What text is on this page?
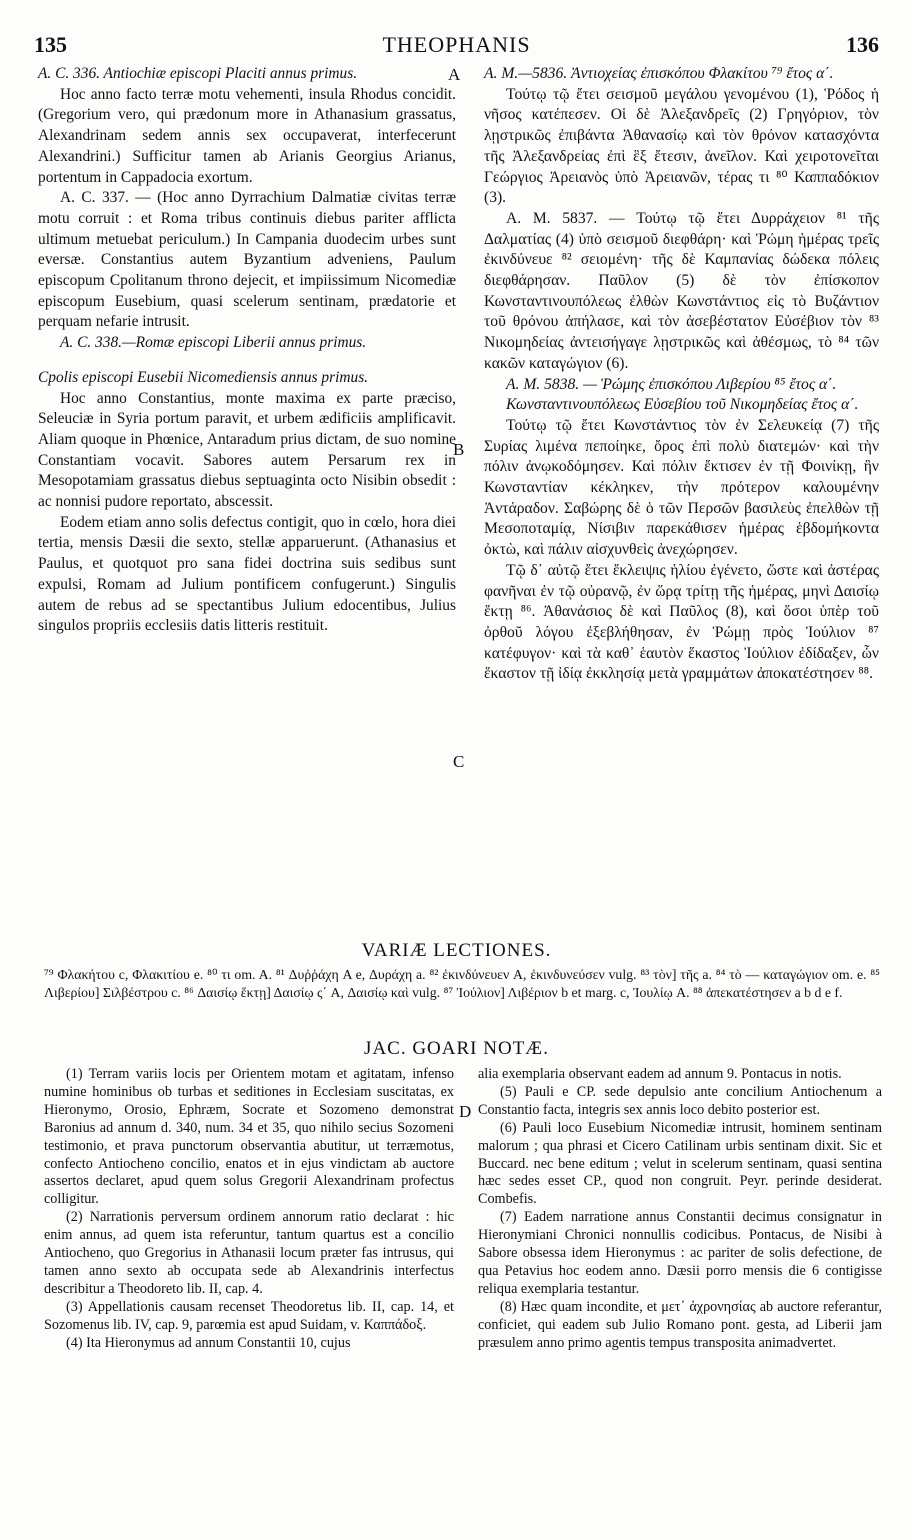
135	THEOPHANIS	136

A. C. 336. Antiochiæ episcopi Placiti annus primus.

Hoc anno facto terræ motu vehementi, insula Rhodus concidit. (Gregorium vero, qui prædonum more in Athanasium grassatus, Alexandrinam sedem annis sex occupaverat, interfecerunt Alexandrini.) Sufficitur tamen ab Arianis Georgius Arianus, portentum in Cappadocia exortum.

A. C. 337. — (Hoc anno Dyrrachium Dalmatiæ civitas terræ motu corruit : et Roma tribus continuis diebus pariter afflicta ultimum metuebat periculum.) In Campania duodecim urbes sunt eversæ. Constantius autem Byzantium adveniens, Paulum episcopum Cpolitanum throno dejecit, et impiissimum Nicomediæ episcopum Eusebium, quasi scelerum sentinam, prædatorie et perquam nefarie intrusit.

A. C. 338.—Romæ episcopi Liberii annus primus.

Cpolis episcopi Eusebii Nicomediensis annus primus.

Hoc anno Constantius, monte maxima ex parte præciso, Seleuciæ in Syria portum paravit, et urbem ædificiis amplificavit. Aliam quoque in Phœnice, Antaradum prius dictam, de suo nomine Constantiam vocavit. Sabores autem Persarum rex in Mesopotamiam grassatus diebus septuaginta octo Nisibin obsedit : ac nonnisi pudore reportato, abscessit.

Eodem etiam anno solis defectus contigit, quo in cœlo, hora diei tertia, mensis Dæsii die sexto, stellæ apparuerunt. (Athanasius et Paulus, et quotquot pro sana fidei doctrina suis sedibus sunt expulsi, Romam ad Julium pontificem confugerunt.) Singulis autem de rebus ad se spectantibus Julium edocentibus, Julius singulos propriis ecclesiis datis litteris restituit.

A
B
C
D

A. M.—5836. Ἀντιοχείας ἐπισκόπου Φλακίτου ⁷⁹ ἔτος α΄.

Τούτῳ τῷ ἔτει σεισμοῦ μεγάλου γενομένου (1), Ῥόδος ἡ νῆσος κατέπεσεν. Οἱ δὲ Ἀλεξανδρεῖς (2) Γρηγόριον, τὸν λῃστρικῶς ἐπιβάντα Ἀθανασίῳ καὶ τὸν θρόνον κατασχόντα τῆς Ἀλεξανδρείας ἐπὶ ἓξ ἔτεσιν, ἀνεῖλον. Καὶ χειροτονεῖται Γεώργιος Ἀρειανὸς ὑπὸ Ἀρειανῶν, τέρας τι ⁸⁰ Καππαδόκιον (3).

A. M. 5837. — Τούτῳ τῷ ἔτει Δυρράχειον ⁸¹ τῆς Δαλματίας (4) ὑπὸ σεισμοῦ διεφθάρη· καὶ Ῥώμη ἡμέρας τρεῖς ἐκινδύνευε ⁸² σειομένη· τῆς δὲ Καμπανίας δώδεκα πόλεις διεφθάρησαν. Παῦλον (5) δὲ τὸν ἐπίσκοπον Κωνσταντινουπόλεως ἐλθὼν Κωνστάντιος εἰς τὸ Βυζάντιον τοῦ θρόνου ἀπήλασε, καὶ τὸν ἀσεβέστατον Εὐσέβιον τὸν ⁸³ Νικομηδείας ἀντεισήγαγε λῃστρικῶς καὶ ἀθέσμως, τὸ ⁸⁴ τῶν κακῶν καταγώγιον (6).

A. M. 5838. — Ῥώμης ἐπισκόπου Λιβερίου ⁸⁵ ἔτος α΄.

Κωνσταντινουπόλεως Εὐσεβίου τοῦ Νικομηδείας ἔτος α΄.

Τούτῳ τῷ ἔτει Κωνστάντιος τὸν ἐν Σελευκείᾳ (7) τῆς Συρίας λιμένα πεποίηκε, ὄρος ἐπὶ πολὺ διατεμών· καὶ τὴν πόλιν ἀνῳκοδόμησεν. Καὶ πόλιν ἔκτισεν ἐν τῇ Φοινίκῃ, ἣν Κωνσταντίαν κέκληκεν, τὴν πρότερον καλουμένην Ἀντάραδον. Σαβώρης δὲ ὁ τῶν Περσῶν βασιλεὺς ἐπελθὼν τῇ Μεσοποταμίᾳ, Νίσιβιν παρεκάθισεν ἡμέρας ἑβδομήκοντα ὀκτὼ, καὶ πάλιν αἰσχυνθεὶς ἀνεχώρησεν.

Τῷ δ᾽ αὐτῷ ἔτει ἔκλειψις ἡλίου ἐγένετο, ὥστε καὶ ἀστέρας φανῆναι ἐν τῷ οὐρανῷ, ἐν ὥρᾳ τρίτῃ τῆς ἡμέρας, μηνὶ Δαισίῳ ἕκτῃ ⁸⁶. Ἀθανάσιος δὲ καὶ Παῦλος (8), καὶ ὅσοι ὑπὲρ τοῦ ὀρθοῦ λόγου ἐξεβλήθησαν, ἐν Ῥώμῃ πρὸς Ἰούλιον ⁸⁷ κατέφυγον· καὶ τὰ καθ᾽ ἑαυτὸν ἕκαστος Ἰούλιον ἐδίδαξεν, ὧν ἕκαστον τῇ ἰδίᾳ ἐκκλησίᾳ μετὰ γραμμάτων ἀποκατέστησεν ⁸⁸.

VARIÆ LECTIONES.

⁷⁹ Φλακήτου c, Φλακιτίου e. ⁸⁰ τι om. A. ⁸¹ Δυῤῥάχη A e, Δυράχη a. ⁸² ἐκινδύνευεν A, ἐκινδυνεύσεν vulg. ⁸³ τὸν] τῆς a. ⁸⁴ τὸ — καταγώγιον om. e. ⁸⁵ Λιβερίου] Σιλβέστρου c. ⁸⁶ Δαισίῳ ἕκτῃ] Δαισίῳ ς΄ A, Δαισίῳ καὶ vulg. ⁸⁷ Ἰούλιον] Λιβέριον b et marg. c, Ἰουλίῳ A. ⁸⁸ ἀπεκατέστησεν a b d e f.

JAC. GOARI NOTÆ.

(1) Terram variis locis per Orientem motam et agitatam, infenso numine hominibus ob turbas et seditiones in Ecclesiam suscitatas, ex Hieronymo, Orosio, Ephræm, Socrate et Sozomeno demonstrat Baronius ad annum d. 340, num. 34 et 35, quo nihilo secius Sozomeni testimonio, et prava punctorum observantia abutitur, ut terræmotus, confecto Antiocheno concilio, enatos et in ejus vindictam ab auctore assertos declaret, apud quem solus Gregorii Alexandrinam profectus colligitur.

(2) Narrationis perversum ordinem annorum ratio declarat : hic enim annus, ad quem ista referuntur, tantum quartus est a concilio Antiocheno, quo Gregorius in Athanasii locum præter fas intrusus, qui tamen anno sexto ab occupata sede ab Alexandrinis interfectus describitur a Theodoreto lib. II, cap. 4.

(3) Appellationis causam recenset Theodoretus lib. II, cap. 14, et Sozomenus lib. IV, cap. 9, parœmia est apud Suidam, v. Καππάδοξ.

(4) Ita Hieronymus ad annum Constantii 10, cujus

alia exemplaria observant eadem ad annum 9. Pontacus in notis.

(5) Pauli e CP. sede depulsio ante concilium Antiochenum a Constantio facta, integris sex annis loco debito posterior est.

(6) Pauli loco Eusebium Nicomediæ intrusit, hominem sentinam malorum ; qua phrasi et Cicero Catilinam urbis sentinam dixit. Sic et Buccard. nec bene editum ; velut in scelerum sentinam, quasi sentina hæc sedes esset CP., quod non congruit. Peyr. perinde desiderat. Combefis.

(7) Eadem narratione annus Constantii decimus consignatur in Hieronymiani Chronici nonnullis codicibus. Pontacus, de Nisibi à Sabore obsessa idem Hieronymus : ac pariter de solis defectione, de qua Petavius hoc eodem anno. Dæsii porro mensis die 6 contigisse reliqua exemplaria testantur.

(8) Hæc quam incondite, et μετ᾽ ἀχρονησίας ab auctore referantur, conficiet, qui eadem sub Julio Romano pont. gesta, ad Liberii jam præsulem anno primo agentis tempus transposita animadvertet.
